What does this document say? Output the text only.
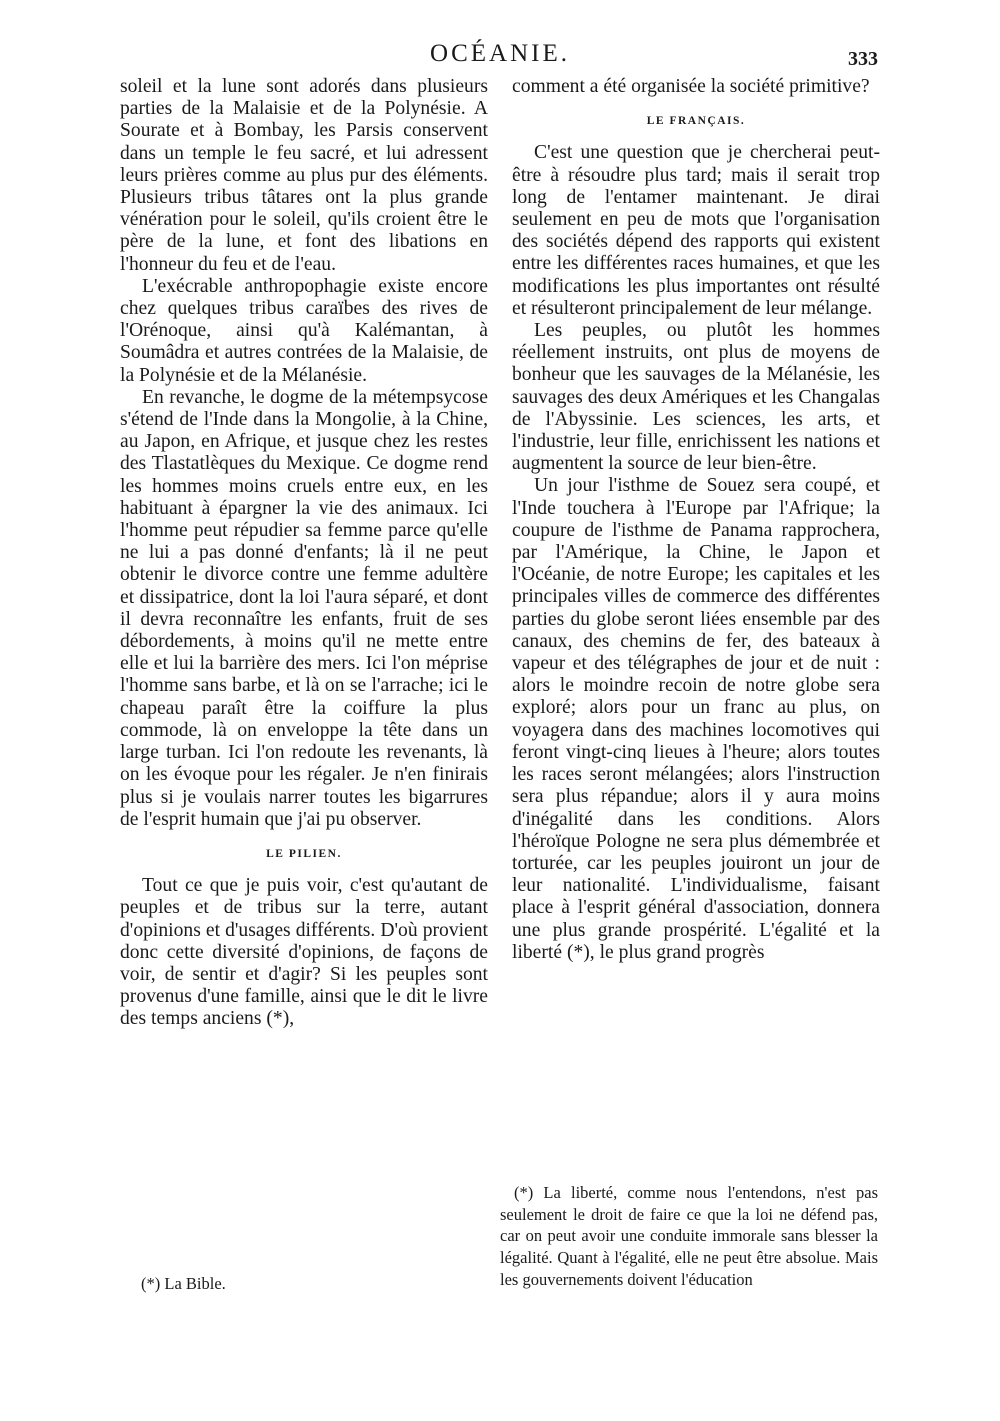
OCÉANIE.	333

soleil et la lune sont adorés dans plusieurs parties de la Malaisie et de la Polynésie. A Sourate et à Bombay, les Parsis conservent dans un temple le feu sacré, et lui adressent leurs prières comme au plus pur des éléments. Plusieurs tribus tâtares ont la plus grande vénération pour le soleil, qu'ils croient être le père de la lune, et font des libations en l'honneur du feu et de l'eau.

L'exécrable anthropophagie existe encore chez quelques tribus caraïbes des rives de l'Orénoque, ainsi qu'à Kalémantan, à Soumâdra et autres contrées de la Malaisie, de la Polynésie et de la Mélanésie.

En revanche, le dogme de la métempsycose s'étend de l'Inde dans la Mongolie, à la Chine, au Japon, en Afrique, et jusque chez les restes des Tlastatlèques du Mexique. Ce dogme rend les hommes moins cruels entre eux, en les habituant à épargner la vie des animaux. Ici l'homme peut répudier sa femme parce qu'elle ne lui a pas donné d'enfants; là il ne peut obtenir le divorce contre une femme adultère et dissipatrice, dont la loi l'aura séparé, et dont il devra reconnaître les enfants, fruit de ses débordements, à moins qu'il ne mette entre elle et lui la barrière des mers. Ici l'on méprise l'homme sans barbe, et là on se l'arrache; ici le chapeau paraît être la coiffure la plus commode, là on enveloppe la tête dans un large turban. Ici l'on redoute les revenants, là on les évoque pour les régaler. Je n'en finirais plus si je voulais narrer toutes les bigarrures de l'esprit humain que j'ai pu observer.

LE PILIEN.

Tout ce que je puis voir, c'est qu'autant de peuples et de tribus sur la terre, autant d'opinions et d'usages différents. D'où provient donc cette diversité d'opinions, de façons de voir, de sentir et d'agir? Si les peuples sont provenus d'une famille, ainsi que le dit le livre des temps anciens (*),

comment a été organisée la société primitive?

LE FRANÇAIS.

C'est une question que je chercherai peut-être à résoudre plus tard; mais il serait trop long de l'entamer maintenant. Je dirai seulement en peu de mots que l'organisation des sociétés dépend des rapports qui existent entre les différentes races humaines, et que les modifications les plus importantes ont résulté et résulteront principalement de leur mélange.

Les peuples, ou plutôt les hommes réellement instruits, ont plus de moyens de bonheur que les sauvages de la Mélanésie, les sauvages des deux Amériques et les Changalas de l'Abyssinie. Les sciences, les arts, et l'industrie, leur fille, enrichissent les nations et augmentent la source de leur bien-être.

Un jour l'isthme de Souez sera coupé, et l'Inde touchera à l'Europe par l'Afrique; la coupure de l'isthme de Panama rapprochera, par l'Amérique, la Chine, le Japon et l'Océanie, de notre Europe; les capitales et les principales villes de commerce des différentes parties du globe seront liées ensemble par des canaux, des chemins de fer, des bateaux à vapeur et des télégraphes de jour et de nuit : alors le moindre recoin de notre globe sera exploré; alors pour un franc au plus, on voyagera dans des machines locomotives qui feront vingt-cinq lieues à l'heure; alors toutes les races seront mélangées; alors l'instruction sera plus répandue; alors il y aura moins d'inégalité dans les conditions. Alors l'héroïque Pologne ne sera plus démembrée et torturée, car les peuples jouiront un jour de leur nationalité. L'individualisme, faisant place à l'esprit général d'association, donnera une plus grande prospérité. L'égalité et la liberté (*), le plus grand progrès

(*) La Bible.

(*) La liberté, comme nous l'entendons, n'est pas seulement le droit de faire ce que la loi ne défend pas, car on peut avoir une conduite immorale sans blesser la légalité. Quant à l'égalité, elle ne peut être absolue. Mais les gouvernements doivent l'éducation
